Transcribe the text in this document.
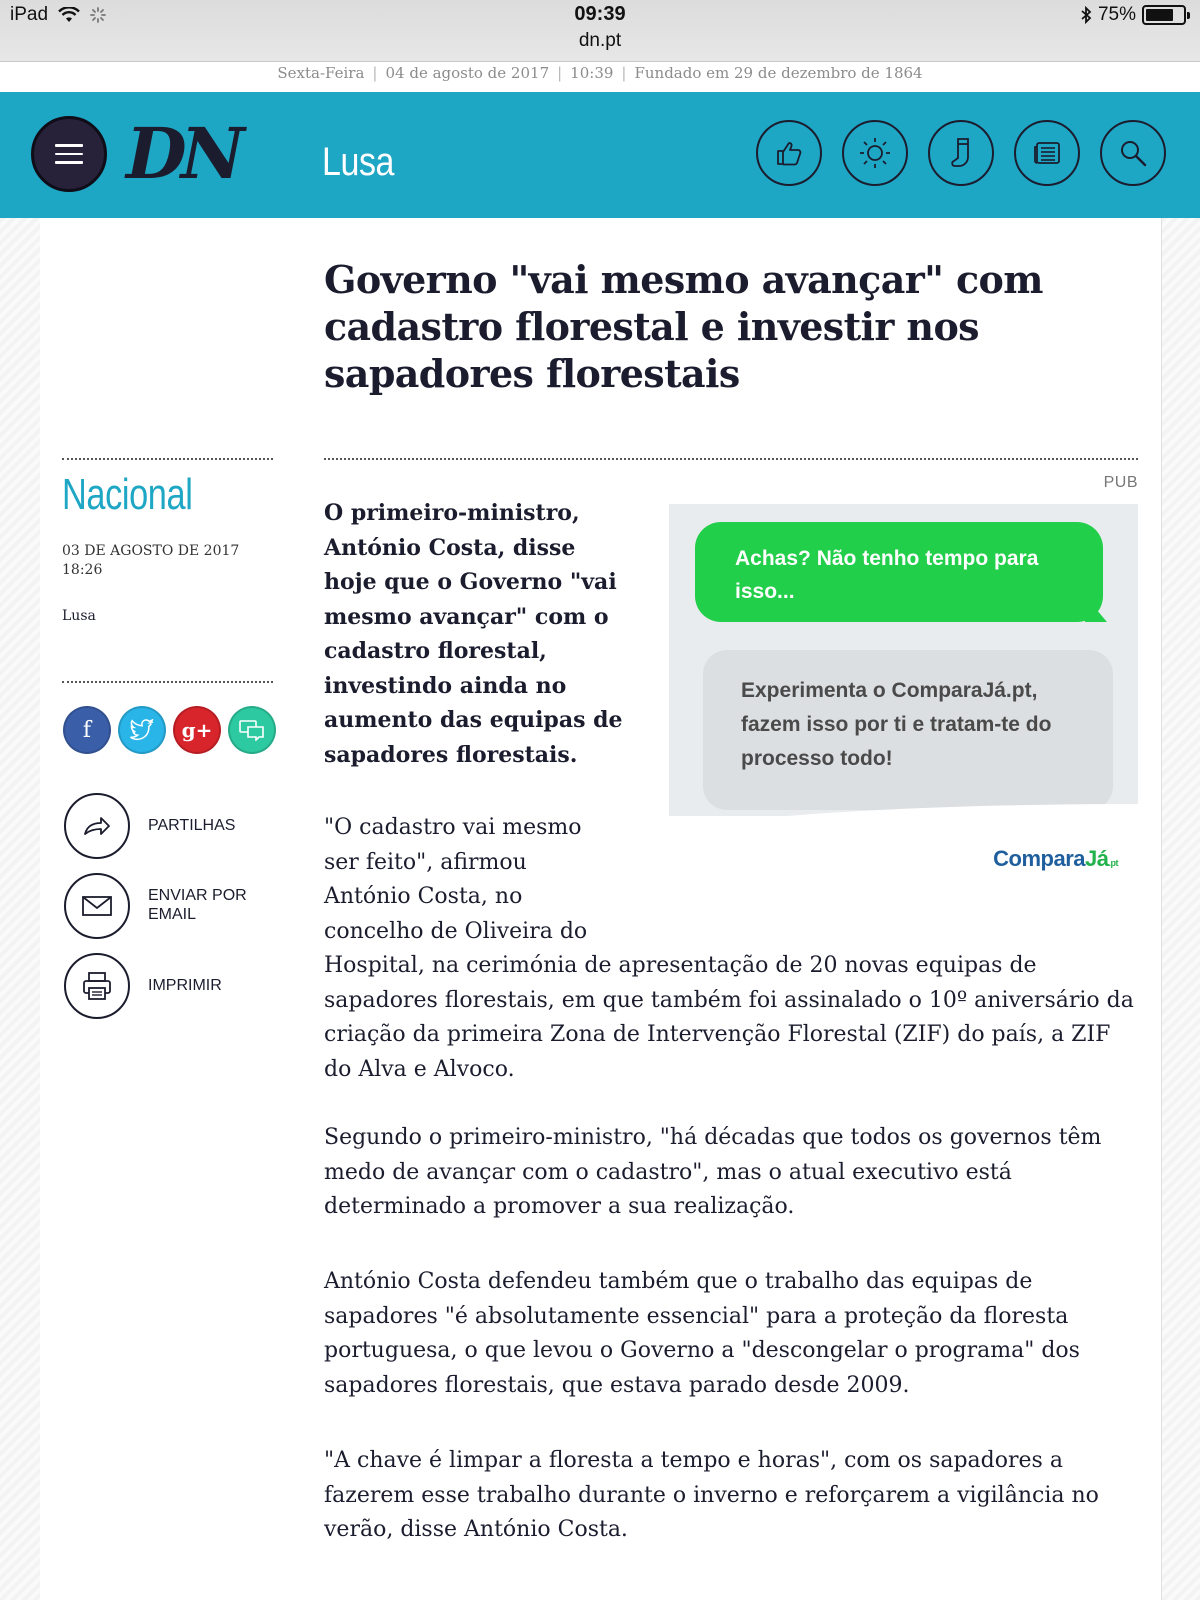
iPad	09:39
dn.pt
75%
Sexta-Feira | 04 de agosto de 2017 | 10:39 | Fundado em 29 de dezembro de 1864
DN Lusa
Governo "vai mesmo avançar" com cadastro florestal e investir nos sapadores florestais
Nacional
03 DE AGOSTO DE 2017
18:26
Lusa
f	g+
PARTILHAS
ENVIAR POR EMAIL
IMPRIMIR
PUB
O primeiro-ministro, António Costa, disse hoje que o Governo "vai mesmo avançar" com o cadastro florestal, investindo ainda no aumento das equipas de sapadores florestais.
Achas? Não tenho tempo para isso...
Experimenta o ComparaJá.pt, fazem isso por ti e tratam-te do processo todo!
ComparaJá.pt
"O cadastro vai mesmo
ser feito", afirmou
António Costa, no
concelho de Oliveira do
Hospital, na cerimónia de apresentação de 20 novas equipas de sapadores florestais, em que também foi assinalado o 10º aniversário da criação da primeira Zona de Intervenção Florestal (ZIF) do país, a ZIF do Alva e Alvoco.
Segundo o primeiro-ministro, "há décadas que todos os governos têm medo de avançar com o cadastro", mas o atual executivo está determinado a promover a sua realização.
António Costa defendeu também que o trabalho das equipas de sapadores "é absolutamente essencial" para a proteção da floresta portuguesa, o que levou o Governo a "descongelar o programa" dos sapadores florestais, que estava parado desde 2009.
"A chave é limpar a floresta a tempo e horas", com os sapadores a fazerem esse trabalho durante o inverno e reforçarem a vigilância no verão, disse António Costa.
